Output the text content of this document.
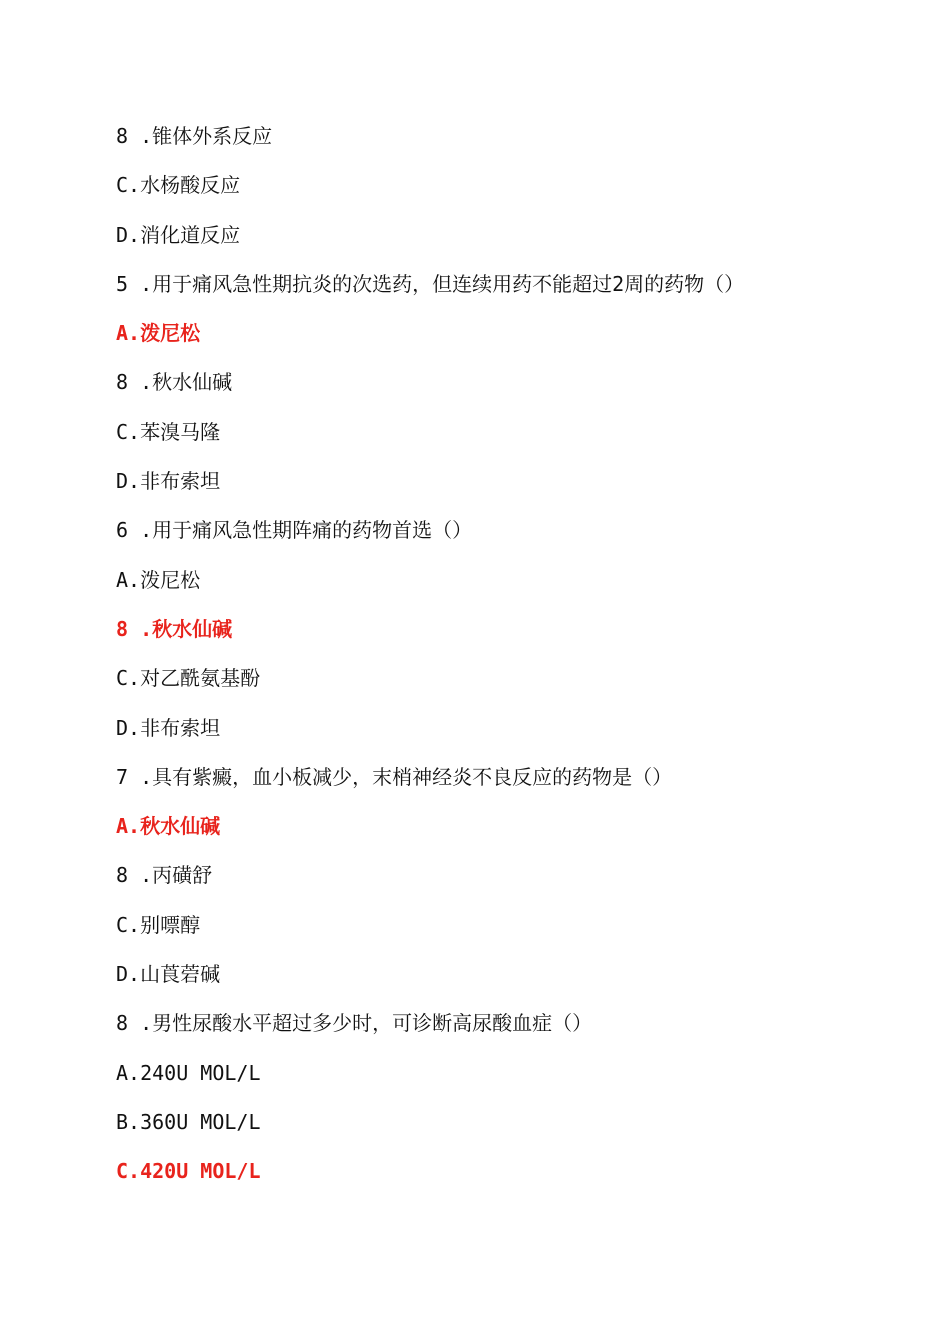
8 .锥体外系反应
C.水杨酸反应
D.消化道反应
5 .用于痛风急性期抗炎的次选药，但连续用药不能超过2周的药物（）
A.泼尼松
8 .秋水仙碱
C.苯溴马隆
D.非布索坦
6 .用于痛风急性期阵痛的药物首选（）
A.泼尼松
8 .秋水仙碱
C.对乙酰氨基酚
D.非布索坦
7 .具有紫癜，血小板减少，末梢神经炎不良反应的药物是（）
A.秋水仙碱
8 .丙磺舒
C.别嘌醇
D.山莨菪碱
8 .男性尿酸水平超过多少时，可诊断高尿酸血症（）
A.240U MOL/L
B.360U MOL/L
C.420U MOL/L
